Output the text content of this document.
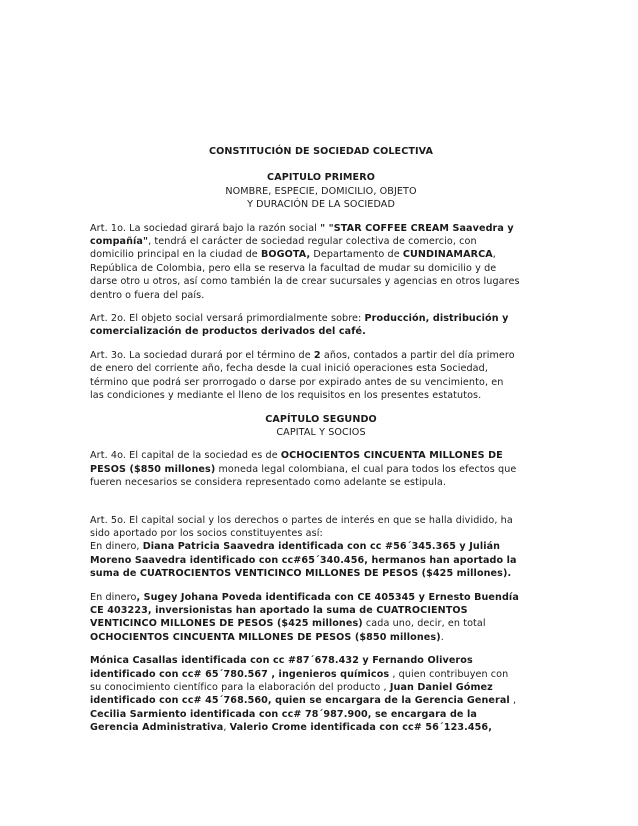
CONSTITUCIÓN DE SOCIEDAD COLECTIVA

CAPITULO PRIMERO

NOMBRE, ESPECIE, DOMICILIO, OBJETO

Y DURACIÓN DE LA SOCIEDAD

Art. 1o. La sociedad girará bajo la razón social " "STAR COFFEE CREAM Saavedra y
compañía", tendrá el carácter de sociedad regular colectiva de comercio, con
domicilio principal en la ciudad de BOGOTA, Departamento de CUNDINAMARCA,
República de Colombia, pero ella se reserva la facultad de mudar su domicilio y de
darse otro u otros, así como también la de crear sucursales y agencias en otros lugares
dentro o fuera del país.

Art. 2o. El objeto social versará primordialmente sobre: Producción, distribución y
comercialización de productos derivados del café.

Art. 3o. La sociedad durará por el término de 2 años, contados a partir del día primero
de enero del corriente año, fecha desde la cual inició operaciones esta Sociedad,
término que podrá ser prorrogado o darse por expirado antes de su vencimiento, en
las condiciones y mediante el lleno de los requisitos en los presentes estatutos.

CAPÍTULO SEGUNDO

CAPITAL Y SOCIOS

Art. 4o. El capital de la sociedad es de OCHOCIENTOS CINCUENTA MILLONES DE
PESOS ($850 millones) moneda legal colombiana, el cual para todos los efectos que
fueren necesarios se considera representado como adelante se estipula.

Art. 5o. El capital social y los derechos o partes de interés en que se halla dividido, ha
sido aportado por los socios constituyentes así:
En dinero, Diana Patricia Saavedra identificada con cc #56´345.365 y Julián
Moreno Saavedra identificado con cc#65´340.456, hermanos han aportado la
suma de CUATROCIENTOS VENTICINCO MILLONES DE PESOS ($425 millones).

En dinero, Sugey Johana Poveda identificada con CE 405345 y Ernesto Buendía
CE 403223, inversionistas han aportado la suma de CUATROCIENTOS
VENTICINCO MILLONES DE PESOS ($425 millones) cada uno, decir, en total
OCHOCIENTOS CINCUENTA MILLONES DE PESOS ($850 millones).

Mónica Casallas identificada con cc #87´678.432 y Fernando Oliveros
identificado con cc# 65´780.567 , ingenieros químicos , quien contribuyen con
su conocimiento científico para la elaboración del producto , Juan Daniel Gómez
identificado con cc# 45´768.560, quien se encargara de la Gerencia General ,
Cecilia Sarmiento identificada con cc# 78´987.900, se encargara de la
Gerencia Administrativa, Valerio Crome identificada con cc# 56´123.456,
